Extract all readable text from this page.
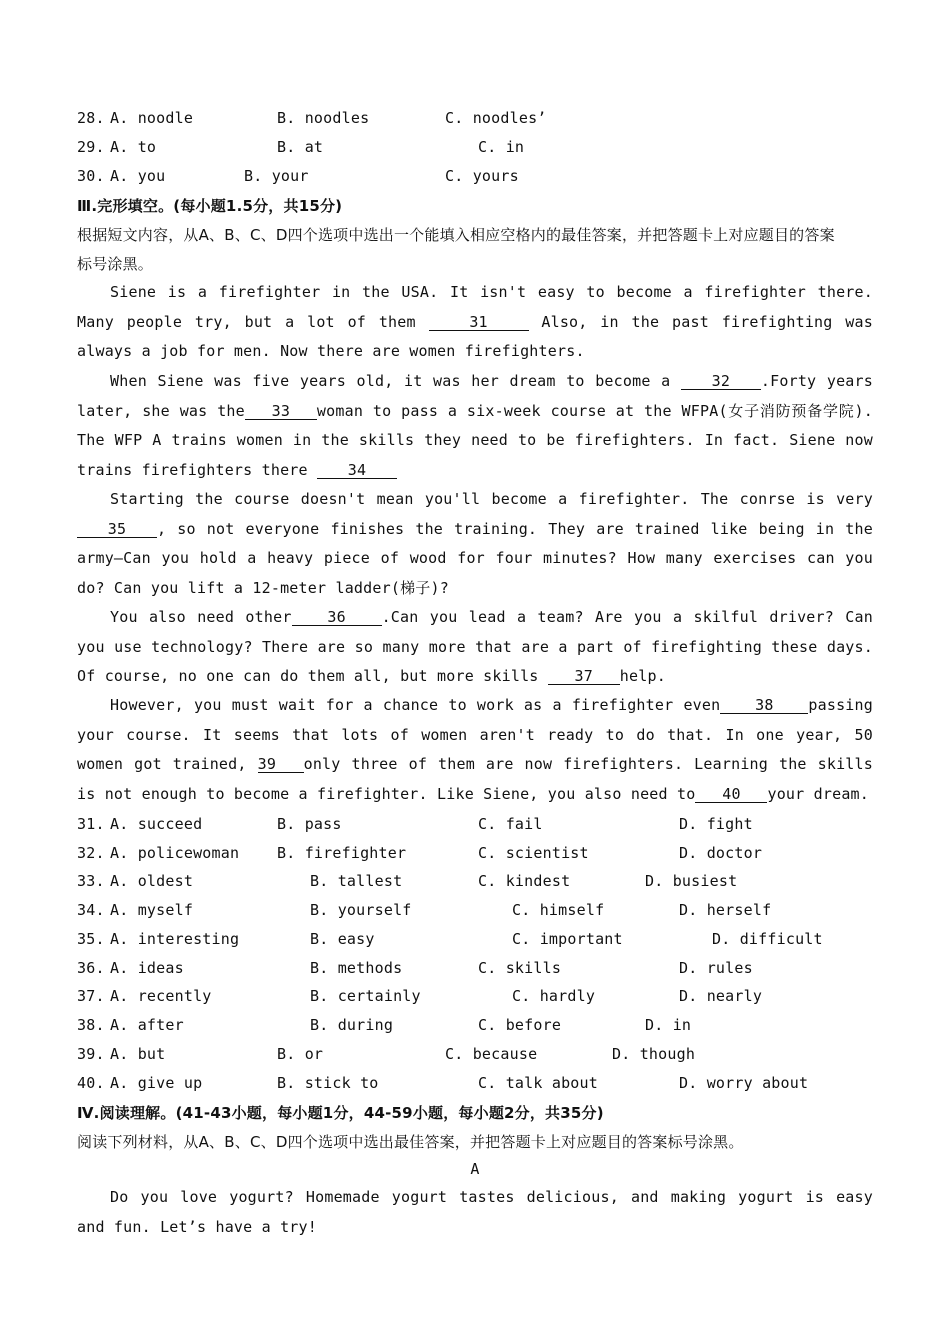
28. A. noodle	B. noodles	C. noodles’
29. A. to	B. at	C. in
30. A. you	B. your	C. yours
Ⅲ.完形填空。(每小题1.5分，共15分)
根据短文内容，从A、B、C、D四个选项中选出一个能填入相应空格内的最佳答案，并把答题卡上对应题目的答案
标号涂黑。
Siene is a firefighter in the USA. It isn't easy to become a firefighter there. Many people try, but a lot of them	31	Also, in the past firefighting was always a job for men. Now there are women firefighters.
When Siene was five years old, it was her dream to become a	32 .Forty years later, she was the 33 woman to pass a six-week course at the WFPA(女子消防预备学院). The WFP A trains women in the skills they need to be firefighters. In fact. Siene now trains firefighters there	34
Starting the course doesn't mean you'll become a firefighter. The conrse is very35 , so not everyone finishes the training. They are trained like being in the army—Can you hold a heavy piece of wood for four minutes? How many exercises can you do? Can you lift a 12-meter ladder(梯子)?
You also need other 36 .Can you lead a team? Are you a skilful driver? Can you use technology? There are so many more that are a part of firefighting these days. Of course, no one can do them all, but more skills 37 help.
However, you must wait for a chance to work as a firefighter even 38 passing your course. It seems that lots of women aren't ready to do that. In one year, 50 women got trained, 39 only three of them are now firefighters. Learning the skills is not enough to become a firefighter. Like Siene, you also need to 40 your dream.
31. A. succeed	B. pass	C. fail	D. fight
32. A. policewoman	B. firefighter	C. scientist	D. doctor
33. A. oldest	B. tallest	C. kindest	D. busiest
34. A. myself	B. yourself	C. himself	D. herself
35. A. interesting	B. easy	C. important	D. difficult
36. A. ideas	B. methods	C. skills	D. rules
37. A. recently	B. certainly	C. hardly	D. nearly
38. A. after	B. during	C. before	D. in
39. A. but	B. or	C. because	D. though
40. A. give up	B. stick to	C. talk about	D. worry about
Ⅳ.阅读理解。(41-43小题，每小题1分，44-59小题，每小题2分，共35分)
阅读下列材料，从A、B、C、D四个选项中选出最佳答案，并把答题卡上对应题目的答案标号涂黑。
A
Do you love yogurt? Homemade yogurt tastes delicious, and making yogurt is easy and fun. Let’s have a try!
